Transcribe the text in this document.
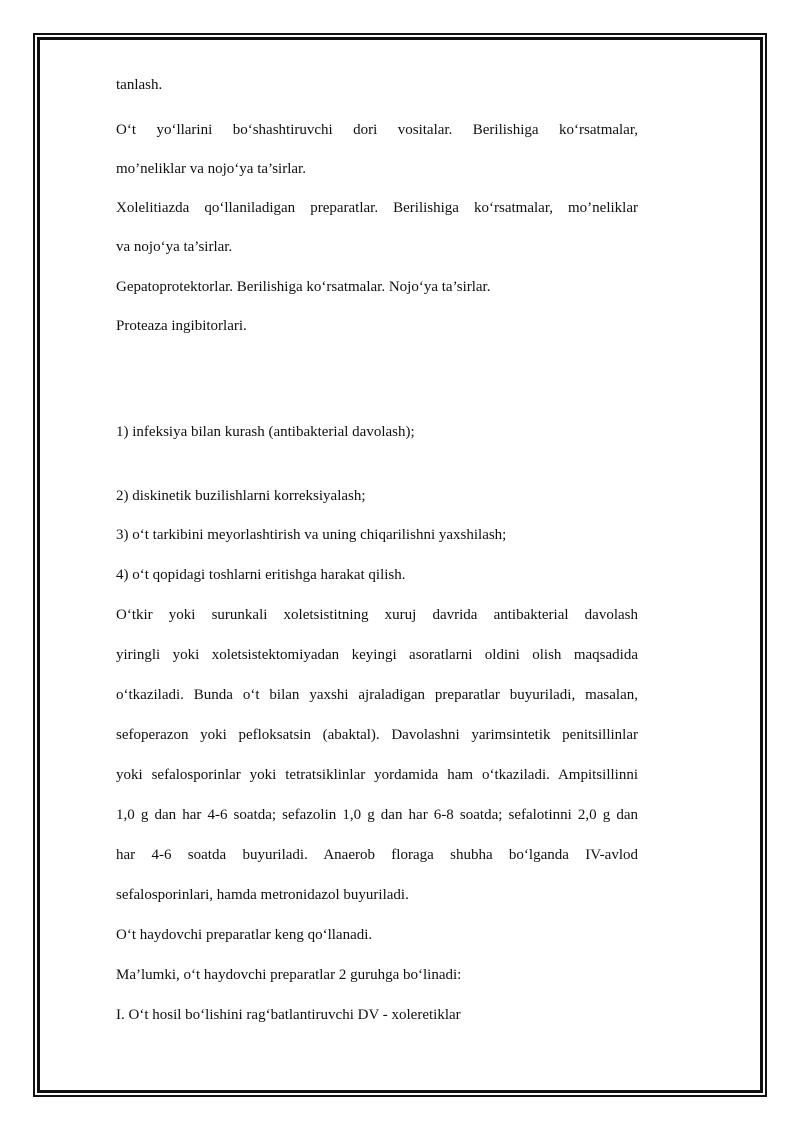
tanlash.
O‘t yo‘llarini bo‘shashtiruvchi dori vositalar. Berilishiga ko‘rsatmalar,
mo’neliklar va nojo‘ya ta’sirlar.
Xolelitiazda qo‘llaniladigan preparatlar. Berilishiga ko‘rsatmalar, mo’neliklar
va nojo‘ya ta’sirlar.
Gepatoprotektorlar. Berilishiga ko‘rsatmalar. Nojo‘ya ta’sirlar.
Proteaza ingibitorlari.
1) infeksiya bilan kurash (antibakterial davolash);
2) diskinetik buzilishlarni korreksiyalash;
3) o‘t tarkibini meyorlashtirish va uning chiqarilishni yaxshilash;
4) o‘t qopidagi toshlarni eritishga harakat qilish.
O‘tkir yoki surunkali xoletsistitning xuruj davrida antibakterial davolash
yiringli yoki xoletsistektomiyadan keyingi asoratlarni oldini olish maqsadida
o‘tkaziladi. Bunda o‘t bilan yaxshi ajraladigan preparatlar buyuriladi, masalan,
sefoperazon yoki pefloksatsin (abaktal). Davolashni yarimsintetik penitsillinlar
yoki sefalosporinlar yoki tetratsiklinlar yordamida ham o‘tkaziladi. Ampitsillinni
1,0 g dan har 4-6 soatda; sefazolin 1,0 g dan har 6-8 soatda; sefalotinni 2,0 g dan
har 4-6 soatda buyuriladi. Anaerob floraga shubha bo‘lganda IV-avlod
sefalosporinlari, hamda metronidazol buyuriladi.
O‘t haydovchi preparatlar keng qo‘llanadi.
Ma’lumki, o‘t haydovchi preparatlar 2 guruhga bo‘linadi:
I. O‘t hosil bo‘lishini rag‘batlantiruvchi DV - xoleretiklar
